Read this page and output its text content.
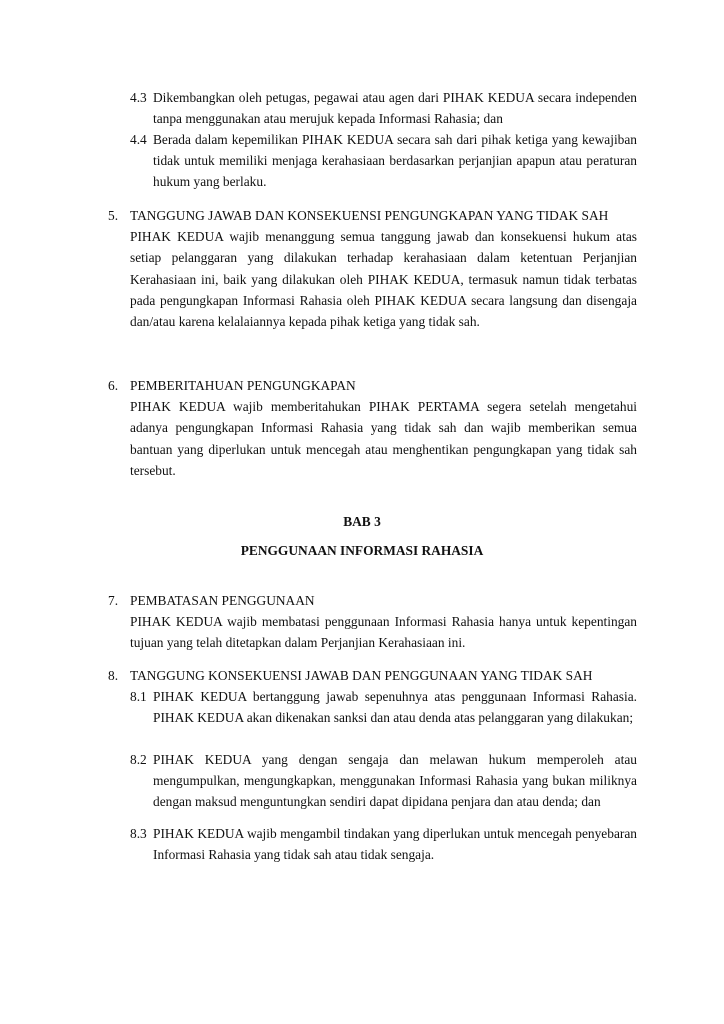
4.3 Dikembangkan oleh petugas, pegawai atau agen dari PIHAK KEDUA secara independen tanpa menggunakan atau merujuk kepada Informasi Rahasia; dan
4.4 Berada dalam kepemilikan PIHAK KEDUA secara sah dari pihak ketiga yang kewajiban tidak untuk memiliki menjaga kerahasiaan berdasarkan perjanjian apapun atau peraturan hukum yang berlaku.
5. TANGGUNG JAWAB DAN KONSEKUENSI PENGUNGKAPAN YANG TIDAK SAH
PIHAK KEDUA wajib menanggung semua tanggung jawab dan konsekuensi hukum atas setiap pelanggaran yang dilakukan terhadap kerahasiaan dalam ketentuan Perjanjian Kerahasiaan ini, baik yang dilakukan oleh PIHAK KEDUA, termasuk namun tidak terbatas pada pengungkapan Informasi Rahasia oleh PIHAK KEDUA secara langsung dan disengaja dan/atau karena kelalaiannya kepada pihak ketiga yang tidak sah.
6. PEMBERITAHUAN PENGUNGKAPAN
PIHAK KEDUA wajib memberitahukan PIHAK PERTAMA segera setelah mengetahui adanya pengungkapan Informasi Rahasia yang tidak sah dan wajib memberikan semua bantuan yang diperlukan untuk mencegah atau menghentikan pengungkapan yang tidak sah tersebut.
BAB 3
PENGGUNAAN INFORMASI RAHASIA
7. PEMBATASAN PENGGUNAAN
PIHAK KEDUA wajib membatasi penggunaan Informasi Rahasia hanya untuk kepentingan tujuan yang telah ditetapkan dalam Perjanjian Kerahasiaan ini.
8. TANGGUNG KONSEKUENSI JAWAB DAN PENGGUNAAN YANG TIDAK SAH
8.1 PIHAK KEDUA bertanggung jawab sepenuhnya atas penggunaan Informasi Rahasia. PIHAK KEDUA akan dikenakan sanksi dan atau denda atas pelanggaran yang dilakukan;
8.2 PIHAK KEDUA yang dengan sengaja dan melawan hukum memperoleh atau mengumpulkan, mengungkapkan, menggunakan Informasi Rahasia yang bukan miliknya dengan maksud menguntungkan sendiri dapat dipidana penjara dan atau denda; dan
8.3 PIHAK KEDUA wajib mengambil tindakan yang diperlukan untuk mencegah penyebaran Informasi Rahasia yang tidak sah atau tidak sengaja.
